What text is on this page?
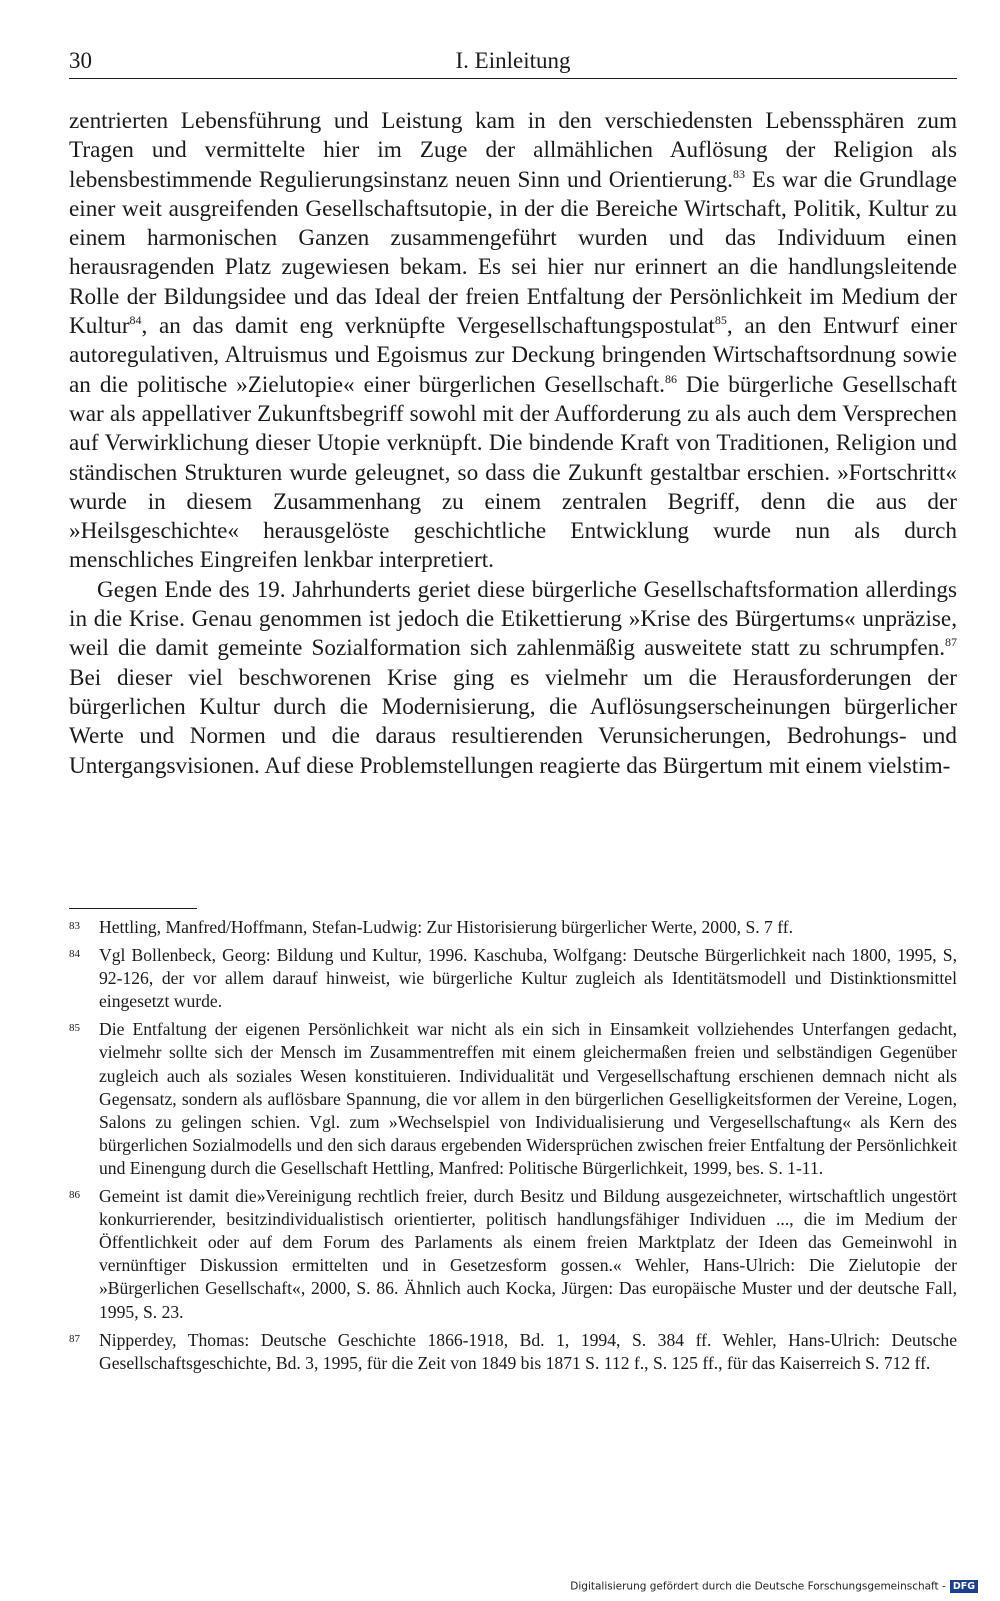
30	I. Einleitung

zentrierten Lebensführung und Leistung kam in den verschiedensten Lebenssphären zum Tragen und vermittelte hier im Zuge der allmählichen Auflösung der Religion als lebensbestimmende Regulierungsinstanz neuen Sinn und Orientierung.$^{83}$ Es war die Grundlage einer weit ausgreifenden Gesellschaftsutopie, in der die Bereiche Wirtschaft, Politik, Kultur zu einem harmonischen Ganzen zusammengeführt wurden und das Individuum einen herausragenden Platz zugewiesen bekam. Es sei hier nur erinnert an die handlungsleitende Rolle der Bildungsidee und das Ideal der freien Entfaltung der Persönlichkeit im Medium der Kultur$^{84}$, an das damit eng verknüpfte Vergesellschaftungspostulat$^{85}$, an den Entwurf einer autoregulativen, Altruismus und Egoismus zur Deckung bringenden Wirtschaftsordnung sowie an die politische »Zielutopie« einer bürgerlichen Gesellschaft.$^{86}$ Die bürgerliche Gesellschaft war als appellativer Zukunftsbegriff sowohl mit der Aufforderung zu als auch dem Versprechen auf Verwirklichung dieser Utopie verknüpft. Die bindende Kraft von Traditionen, Religion und ständischen Strukturen wurde geleugnet, so dass die Zukunft gestaltbar erschien. »Fortschritt« wurde in diesem Zusammenhang zu einem zentralen Begriff, denn die aus der »Heilsgeschichte« herausgelöste geschichtliche Entwicklung wurde nun als durch menschliches Eingreifen lenkbar interpretiert.

Gegen Ende des 19. Jahrhunderts geriet diese bürgerliche Gesellschaftsformation allerdings in die Krise. Genau genommen ist jedoch die Etikettierung »Krise des Bürgertums« unpräzise, weil die damit gemeinte Sozialformation sich zahlenmäßig ausweitete statt zu schrumpfen.$^{87}$ Bei dieser viel beschworenen Krise ging es vielmehr um die Herausforderungen der bürgerlichen Kultur durch die Modernisierung, die Auflösungserscheinungen bürgerlicher Werte und Normen und die daraus resultierenden Verunsicherungen, Bedrohungs- und Untergangsvisionen. Auf diese Problemstellungen reagierte das Bürgertum mit einem vielstim-

83 Hettling, Manfred/Hoffmann, Stefan-Ludwig: Zur Historisierung bürgerlicher Werte, 2000, S. 7 ff.
84 Vgl Bollenbeck, Georg: Bildung und Kultur, 1996. Kaschuba, Wolfgang: Deutsche Bürgerlichkeit nach 1800, 1995, S, 92-126, der vor allem darauf hinweist, wie bürgerliche Kultur zugleich als Identitätsmodell und Distinktionsmittel eingesetzt wurde.
85 Die Entfaltung der eigenen Persönlichkeit war nicht als ein sich in Einsamkeit vollziehendes Unterfangen gedacht, vielmehr sollte sich der Mensch im Zusammentreffen mit einem gleichermaßen freien und selbständigen Gegenüber zugleich auch als soziales Wesen konstituieren. Individualität und Vergesellschaftung erschienen demnach nicht als Gegensatz, sondern als auflösbare Spannung, die vor allem in den bürgerlichen Geselligkeitsformen der Vereine, Logen, Salons zu gelingen schien. Vgl. zum »Wechselspiel von Individualisierung und Vergesellschaftung« als Kern des bürgerlichen Sozialmodells und den sich daraus ergebenden Widersprüchen zwischen freier Entfaltung der Persönlichkeit und Einengung durch die Gesellschaft Hettling, Manfred: Politische Bürgerlichkeit, 1999, bes. S. 1-11.
86 Gemeint ist damit die»Vereinigung rechtlich freier, durch Besitz und Bildung ausgezeichneter, wirtschaftlich ungestört konkurrierender, besitzindividualistisch orientierter, politisch handlungsfähiger Individuen ..., die im Medium der Öffentlichkeit oder auf dem Forum des Parlaments als einem freien Marktplatz der Ideen das Gemeinwohl in vernünftiger Diskussion ermittelten und in Gesetzesform gossen.« Wehler, Hans-Ulrich: Die Zielutopie der »Bürgerlichen Gesellschaft«, 2000, S. 86. Ähnlich auch Kocka, Jürgen: Das europäische Muster und der deutsche Fall, 1995, S. 23.
87 Nipperdey, Thomas: Deutsche Geschichte 1866-1918, Bd. 1, 1994, S. 384 ff. Wehler, Hans-Ulrich: Deutsche Gesellschaftsgeschichte, Bd. 3, 1995, für die Zeit von 1849 bis 1871 S. 112 f., S. 125 ff., für das Kaiserreich S. 712 ff.
Digitalisierung gefördert durch die Deutsche Forschungsgemeinschaft - DFG
